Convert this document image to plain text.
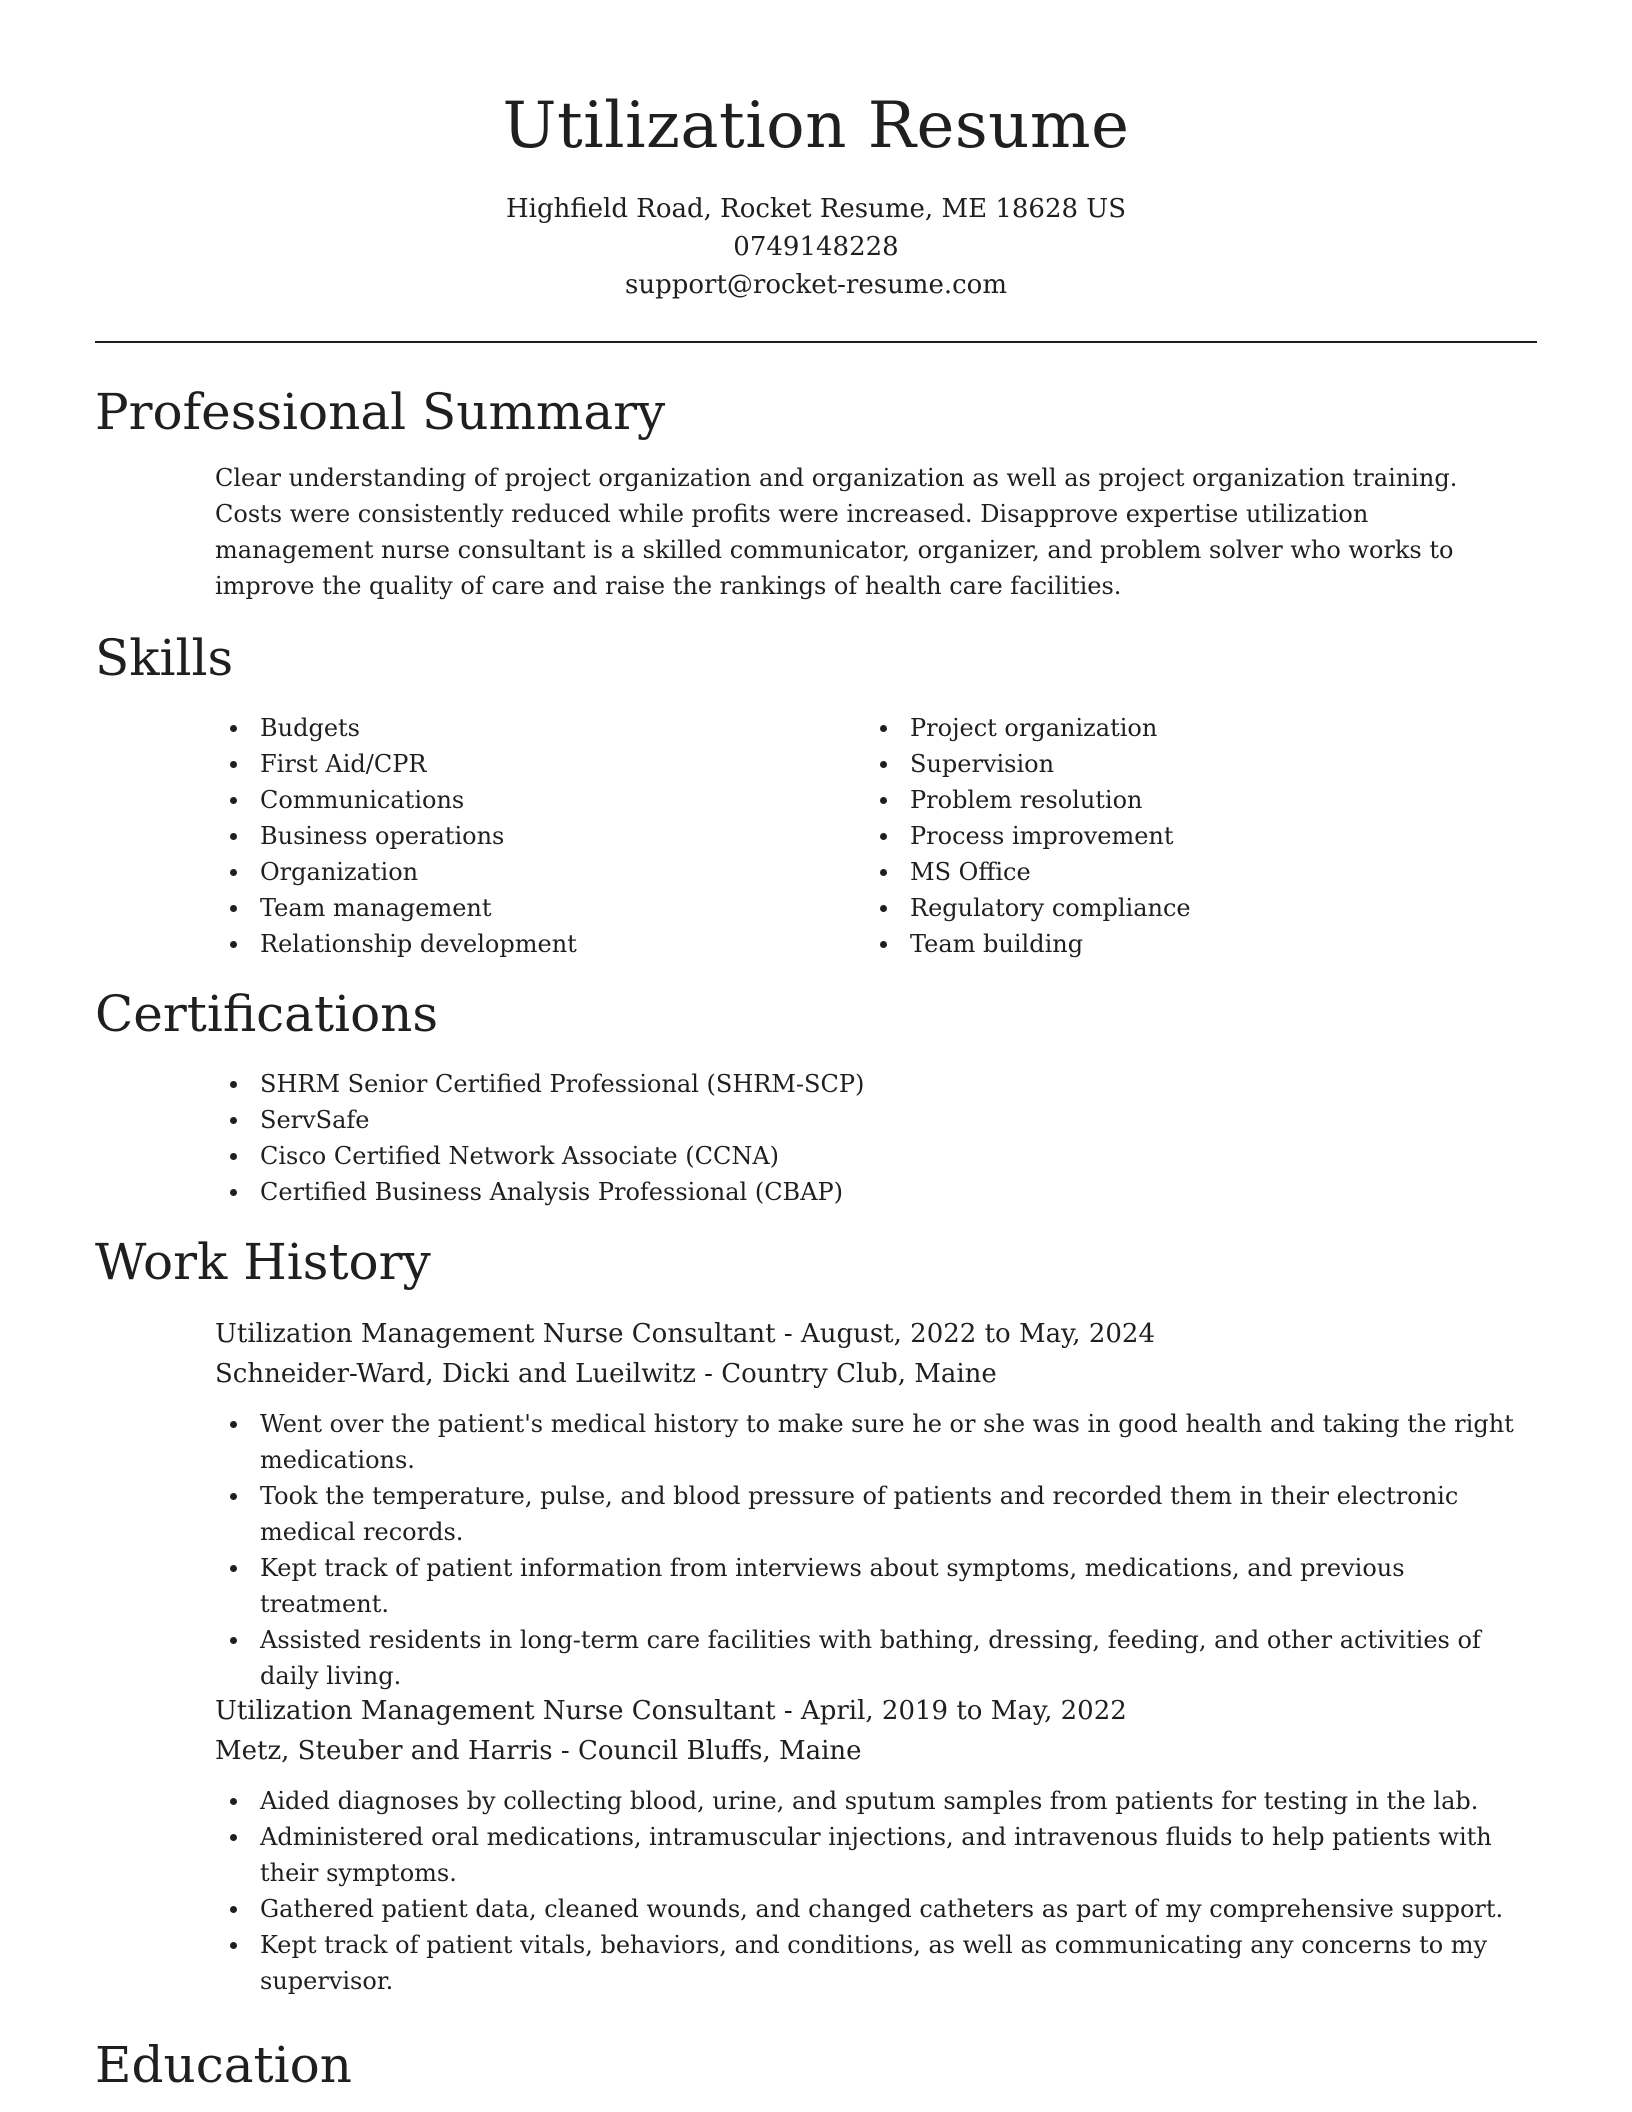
Utilization Resume

Highfield Road, Rocket Resume, ME 18628 US

0749148228

support@rocket-resume.com

Professional Summary

Clear understanding of project organization and organization as well as project organization training. Costs were consistently reduced while profits were increased. Disapprove expertise utilization management nurse consultant is a skilled communicator, organizer, and problem solver who works to improve the quality of care and raise the rankings of health care facilities.

Skills
Budgets
First Aid/CPR
Communications
Business operations
Organization
Team management
Relationship development
Project organization
Supervision
Problem resolution
Process improvement
MS Office
Regulatory compliance
Team building
Certifications
SHRM Senior Certified Professional (SHRM-SCP)
ServSafe
Cisco Certified Network Associate (CCNA)
Certified Business Analysis Professional (CBAP)
Work History

Utilization Management Nurse Consultant - August, 2022 to May, 2024

Schneider-Ward, Dicki and Lueilwitz - Country Club, Maine

Went over the patient's medical history to make sure he or she was in good health and taking the right medications.
Took the temperature, pulse, and blood pressure of patients and recorded them in their electronic medical records.
Kept track of patient information from interviews about symptoms, medications, and previous treatment.
Assisted residents in long-term care facilities with bathing, dressing, feeding, and other activities of daily living.

Utilization Management Nurse Consultant - April, 2019 to May, 2022

Metz, Steuber and Harris - Council Bluffs, Maine

Aided diagnoses by collecting blood, urine, and sputum samples from patients for testing in the lab.
Administered oral medications, intramuscular injections, and intravenous fluids to help patients with their symptoms.
Gathered patient data, cleaned wounds, and changed catheters as part of my comprehensive support.
Kept track of patient vitals, behaviors, and conditions, as well as communicating any concerns to my supervisor.
Education
